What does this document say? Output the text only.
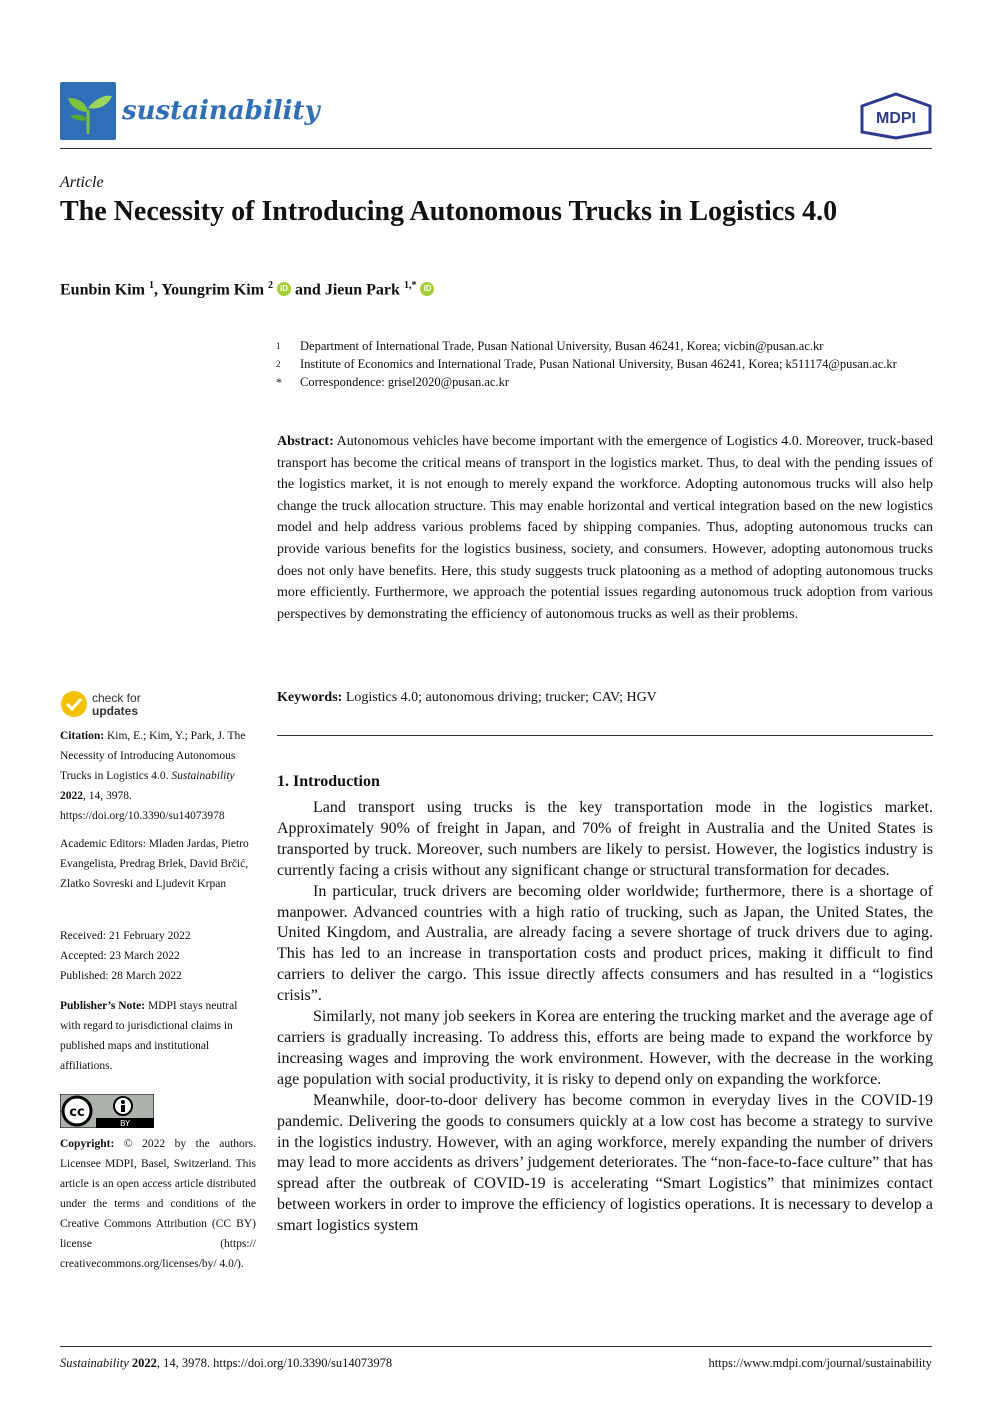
sustainability	MDPI
Article
The Necessity of Introducing Autonomous Trucks in Logistics 4.0
Eunbin Kim $^1$, Youngrim Kim $^2$ iD and Jieun Park $^{1,*}$ iD
1	Department of International Trade, Pusan National University, Busan 46241, Korea; vicbin@pusan.ac.kr
2	Institute of Economics and International Trade, Pusan National University, Busan 46241, Korea; k511174@pusan.ac.kr
*	Correspondence: grisel2020@pusan.ac.kr
Abstract: Autonomous vehicles have become important with the emergence of Logistics 4.0. Moreover, truck-based transport has become the critical means of transport in the logistics market. Thus, to deal with the pending issues of the logistics market, it is not enough to merely expand the workforce. Adopting autonomous trucks will also help change the truck allocation structure. This may enable horizontal and vertical integration based on the new logistics model and help address various problems faced by shipping companies. Thus, adopting autonomous trucks can provide various benefits for the logistics business, society, and consumers. However, adopting autonomous trucks does not only have benefits. Here, this study suggests truck platooning as a method of adopting autonomous trucks more efficiently. Furthermore, we approach the potential issues regarding autonomous truck adoption from various perspectives by demonstrating the efficiency of autonomous trucks as well as their problems.
Keywords: Logistics 4.0; autonomous driving; trucker; CAV; HGV
1. Introduction

Land transport using trucks is the key transportation mode in the logistics market. Approximately 90% of freight in Japan, and 70% of freight in Australia and the United States is transported by truck. Moreover, such numbers are likely to persist. However, the logistics industry is currently facing a crisis without any significant change or structural transformation for decades.

In particular, truck drivers are becoming older worldwide; furthermore, there is a shortage of manpower. Advanced countries with a high ratio of trucking, such as Japan, the United States, the United Kingdom, and Australia, are already facing a severe shortage of truck drivers due to aging. This has led to an increase in transportation costs and product prices, making it difficult to find carriers to deliver the cargo. This issue directly affects consumers and has resulted in a “logistics crisis”.

Similarly, not many job seekers in Korea are entering the trucking market and the average age of carriers is gradually increasing. To address this, efforts are being made to expand the workforce by increasing wages and improving the work environment. However, with the decrease in the working age population with social productivity, it is risky to depend only on expanding the workforce.

Meanwhile, door-to-door delivery has become common in everyday lives in the COVID-19 pandemic. Delivering the goods to consumers quickly at a low cost has become a strategy to survive in the logistics industry. However, with an aging workforce, merely expanding the number of drivers may lead to more accidents as drivers’ judgement deteriorates. The “non-face-to-face culture” that has spread after the outbreak of COVID-19 is accelerating “Smart Logistics” that minimizes contact between workers in order to improve the efficiency of logistics operations. It is necessary to develop a smart logistics system

check for
updates
Citation: Kim, E.; Kim, Y.; Park, J. The Necessity of Introducing Autonomous Trucks in Logistics 4.0. Sustainability 2022, 14, 3978. https://doi.org/10.3390/su14073978
Academic Editors: Mladen Jardas, Pietro Evangelista, Predrag Brlek, David Brčić, Zlatko Sovreski and Ljudevit Krpan

Received: 21 February 2022

Accepted: 23 March 2022

Published: 28 March 2022

Publisher’s Note: MDPI stays neutral with regard to jurisdictional claims in published maps and institutional affiliations.
cc
BY
Copyright: © 2022 by the authors. Licensee MDPI, Basel, Switzerland. This article is an open access article distributed under the terms and conditions of the Creative Commons Attribution (CC BY) license (https:// creativecommons.org/licenses/by/ 4.0/).
Sustainability 2022, 14, 3978. https://doi.org/10.3390/su14073978	https://www.mdpi.com/journal/sustainability
